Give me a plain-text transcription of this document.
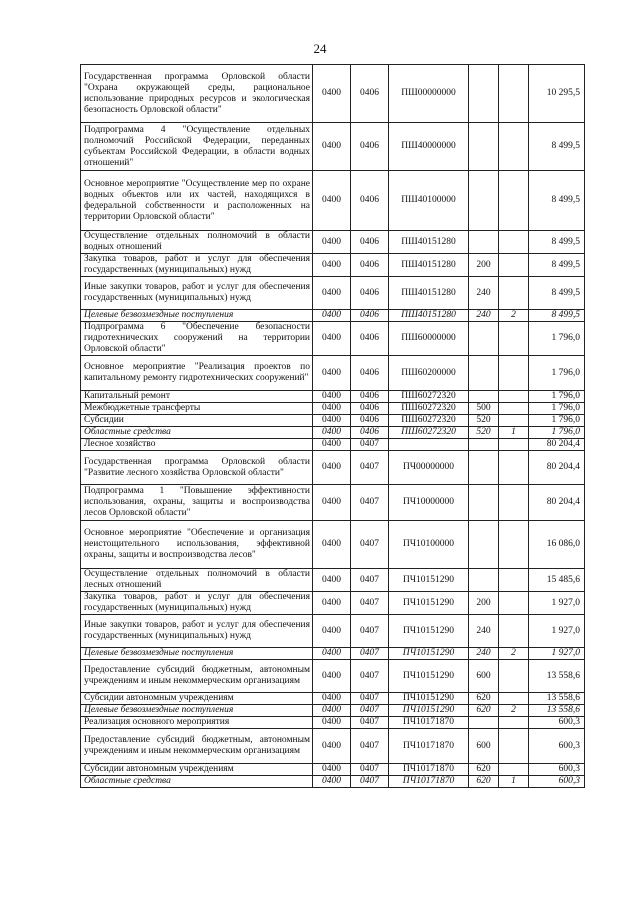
24
Государственная программа Орловской области "Охрана окружающей среды, рациональное использование природных ресурсов и экологическая безопасность Орловской области"	0400	0406	ПШ00000000			10 295,5
Подпрограмма 4 "Осуществление отдельных полномочий Российской Федерации, переданных субъектам Российской Федерации, в области водных отношений"	0400	0406	ПШ40000000			8 499,5
Основное мероприятие "Осуществление мер по охране водных объектов или их частей, находящихся в федеральной собственности и расположенных на территории Орловской области"	0400	0406	ПШ40100000			8 499,5
Осуществление отдельных полномочий в области водных отношений	0400	0406	ПШ40151280			8 499,5
Закупка товаров, работ и услуг для обеспечения государственных (муниципальных) нужд	0400	0406	ПШ40151280	200		8 499,5
Иные закупки товаров, работ и услуг для обеспечения государственных (муниципальных) нужд	0400	0406	ПШ40151280	240		8 499,5
Целевые безвозмездные поступления	0400	0406	ПШ40151280	240	2	8 499,5
Подпрограмма 6 "Обеспечение безопасности гидротехнических сооружений на территории Орловской области"	0400	0406	ПШ60000000			1 796,0
Основное мероприятие "Реализация проектов по капитальному ремонту гидротехнических сооружений"	0400	0406	ПШ60200000			1 796,0
Капитальный ремонт	0400	0406	ПШ60272320			1 796,0
Межбюджетные трансферты	0400	0406	ПШ60272320	500		1 796,0
Субсидии	0400	0406	ПШ60272320	520		1 796,0
Областные средства	0400	0406	ПШ60272320	520	1	1 796,0
Лесное хозяйство	0400	0407				80 204,4
Государственная программа Орловской области "Развитие лесного хозяйства Орловской области"	0400	0407	ПЧ00000000			80 204,4
Подпрограмма 1 "Повышение эффективности использования, охраны, защиты и воспроизводства лесов Орловской области"	0400	0407	ПЧ10000000			80 204,4
Основное мероприятие "Обеспечение и организация неистощительного использования, эффективной охраны, защиты и воспроизводства лесов"	0400	0407	ПЧ10100000			16 086,0
Осуществление отдельных полномочий в области лесных отношений	0400	0407	ПЧ10151290			15 485,6
Закупка товаров, работ и услуг для обеспечения государственных (муниципальных) нужд	0400	0407	ПЧ10151290	200		1 927,0
Иные закупки товаров, работ и услуг для обеспечения государственных (муниципальных) нужд	0400	0407	ПЧ10151290	240		1 927,0
Целевые безвозмездные поступления	0400	0407	ПЧ10151290	240	2	1 927,0
Предоставление субсидий бюджетным, автономным учреждениям и иным некоммерческим организациям	0400	0407	ПЧ10151290	600		13 558,6
Субсидии автономным учреждениям	0400	0407	ПЧ10151290	620		13 558,6
Целевые безвозмездные поступления	0400	0407	ПЧ10151290	620	2	13 558,6
Реализация основного мероприятия	0400	0407	ПЧ10171870			600,3
Предоставление субсидий бюджетным, автономным учреждениям и иным некоммерческим организациям	0400	0407	ПЧ10171870	600		600,3
Субсидии автономным учреждениям	0400	0407	ПЧ10171870	620		600,3
Областные средства	0400	0407	ПЧ10171870	620	1	600,3
